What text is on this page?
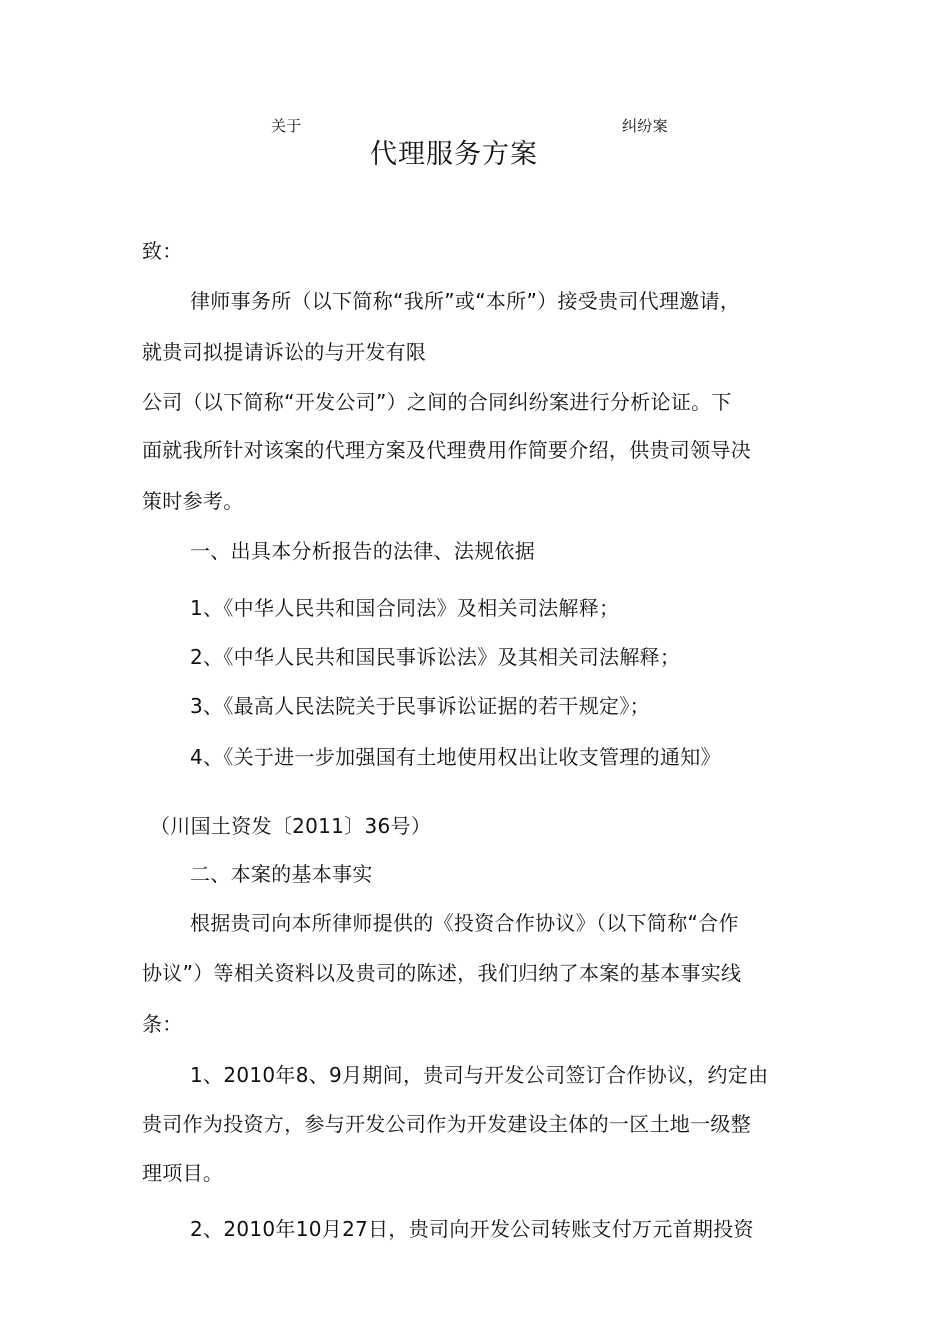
关于	纠纷案
代理服务方案
致：
律师事务所（以下简称“我所”或“本所”）接受贵司代理邀请，
就贵司拟提请诉讼的与开发有限
公司（以下简称“开发公司”）之间的合同纠纷案进行分析论证。下
面就我所针对该案的代理方案及代理费用作简要介绍，供贵司领导决
策时参考。
一、出具本分析报告的法律、法规依据
1、《中华人民共和国合同法》及相关司法解释；
2、《中华人民共和国民事诉讼法》及其相关司法解释；
3、《最高人民法院关于民事诉讼证据的若干规定》；
4、《关于进一步加强国有土地使用权出让收支管理的通知》
（川国土资发〔2011〕36号）
二、本案的基本事实
根据贵司向本所律师提供的《投资合作协议》（以下简称“合作
协议”）等相关资料以及贵司的陈述，我们归纳了本案的基本事实线
条：
1、2010年8、9月期间，贵司与开发公司签订合作协议，约定由
贵司作为投资方，参与开发公司作为开发建设主体的一区土地一级整
理项目。
2、2010年10月27日，贵司向开发公司转账支付万元首期投资
